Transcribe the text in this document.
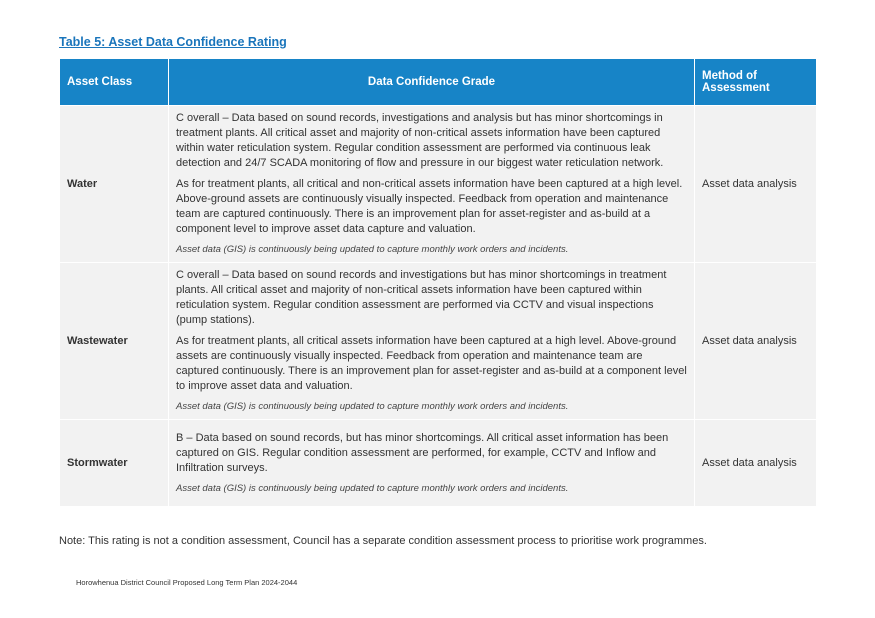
Table 5: Asset Data Confidence Rating
Asset Class	Data Confidence Grade	Method of Assessment
Water	C overall – Data based on sound records, investigations and analysis but has minor shortcomings in treatment plants. All critical asset and majority of non-critical assets information have been captured within water reticulation system. Regular condition assessment are performed via continuous leak detection and 24/7 SCADA monitoring of flow and pressure in our biggest water reticulation network.

As for treatment plants, all critical and non-critical assets information have been captured at a high level. Above-ground assets are continuously visually inspected. Feedback from operation and maintenance team are captured continuously. There is an improvement plan for asset-register and as-build at a component level to improve asset data capture and valuation.

Asset data (GIS) is continuously being updated to capture monthly work orders and incidents.	Asset data analysis
Wastewater	C overall – Data based on sound records and investigations but has minor shortcomings in treatment plants. All critical asset and majority of non-critical assets information have been captured within reticulation system. Regular condition assessment are performed via CCTV and visual inspections (pump stations).

As for treatment plants, all critical assets information have been captured at a high level. Above-ground assets are continuously visually inspected. Feedback from operation and maintenance team are captured continuously. There is an improvement plan for asset-register and as-build at a component level to improve asset data and valuation.

Asset data (GIS) is continuously being updated to capture monthly work orders and incidents.	Asset data analysis
Stormwater	B – Data based on sound records, but has minor shortcomings. All critical asset information has been captured on GIS. Regular condition assessment are performed, for example, CCTV and Inflow and Infiltration surveys.

Asset data (GIS) is continuously being updated to capture monthly work orders and incidents.	Asset data analysis
Note: This rating is not a condition assessment, Council has a separate condition assessment process to prioritise work programmes.
Horowhenua District Council Proposed Long Term Plan 2024-2044
